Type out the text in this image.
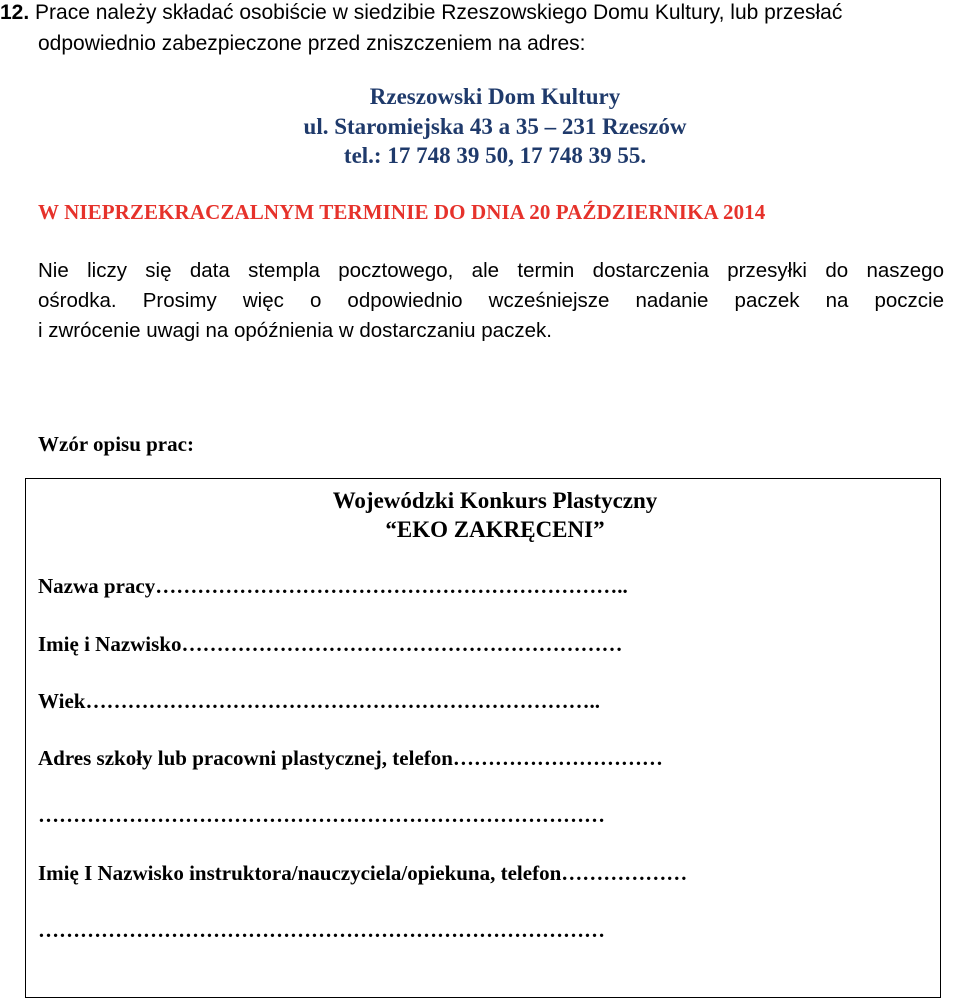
12. Prace należy składać osobiście w siedzibie Rzeszowskiego Domu Kultury, lub przesłać
odpowiednio zabezpieczone przed zniszczeniem na adres:
Rzeszowski Dom Kultury
ul. Staromiejska 43 a 35 – 231 Rzeszów
tel.: 17 748 39 50, 17 748 39 55.
W NIEPRZEKRACZALNYM TERMINIE DO DNIA 20 PAŹDZIERNIKA 2014
Nie liczy się data stempla pocztowego, ale termin dostarczenia przesyłki do naszego
ośrodka. Prosimy więc o odpowiednio wcześniejsze nadanie paczek na poczcie
i zwrócenie uwagi na opóźnienia w dostarczaniu paczek.
Wzór opisu prac:
Wojewódzki Konkurs Plastyczny
“EKO ZAKRĘCENI”
Nazwa pracy…………………………………………………………..
Imię i Nazwisko………………………………………………………
Wiek………………………………………………………………..
Adres szkoły lub pracowni plastycznej, telefon…………………………
………………………………………………………………………
Imię I Nazwisko instruktora/nauczyciela/opiekuna, telefon………………
………………………………………………………………………
